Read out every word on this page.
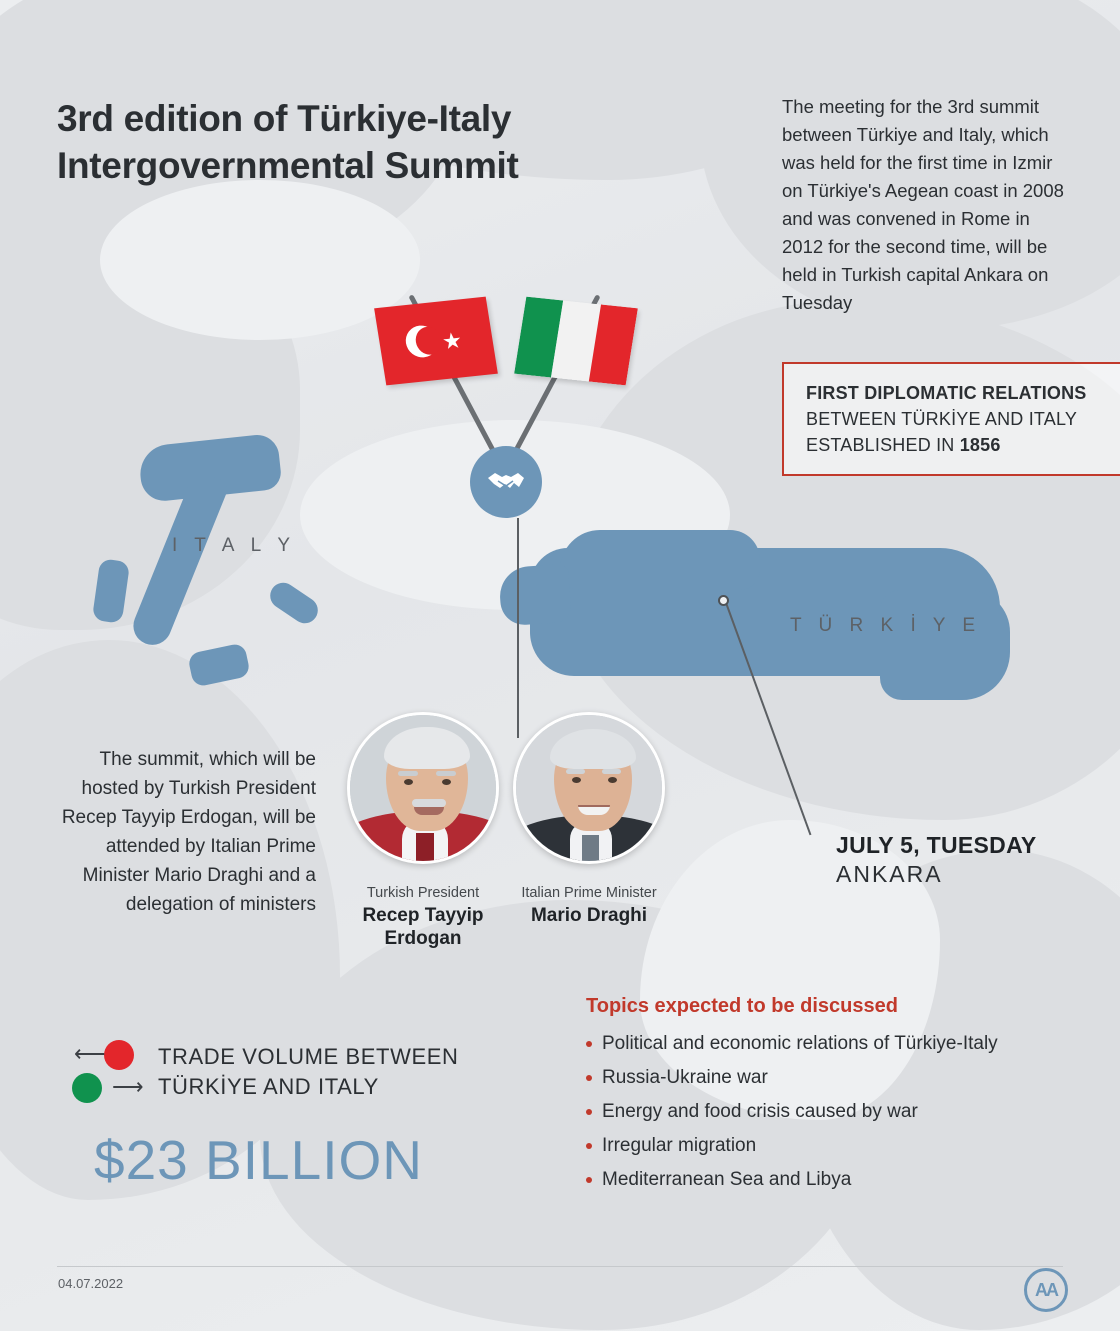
I T A L Y
T Ü R K İ Y E
3rd edition of Türkiye-Italy Intergovernmental Summit

The meeting for the 3rd summit between Türkiye and Italy, which was held for the first time in Izmir on Türkiye's Aegean coast in 2008 and was convened in Rome in 2012 for the second time, will be held in Turkish capital Ankara on Tuesday

FIRST DIPLOMATIC RELATIONS BETWEEN TÜRKİYE AND ITALY ESTABLISHED IN 1856
★
Turkish President
Recep Tayyip Erdogan
Italian Prime Minister
Mario Draghi

The summit, which will be hosted by Turkish President Recep Tayyip Erdogan, will be attended by Italian Prime Minister Mario Draghi and a delegation of ministers

JULY 5, TUESDAY
ANKARA
Topics expected to be discussed
Political and economic relations of Türkiye-Italy
Russia-Ukraine war
Energy and food crisis caused by war
Irregular migration
Mediterranean Sea and Libya
⟵
⟶
TRADE VOLUME BETWEEN TÜRKİYE AND ITALY
$23 BILLION
04.07.2022	AA
